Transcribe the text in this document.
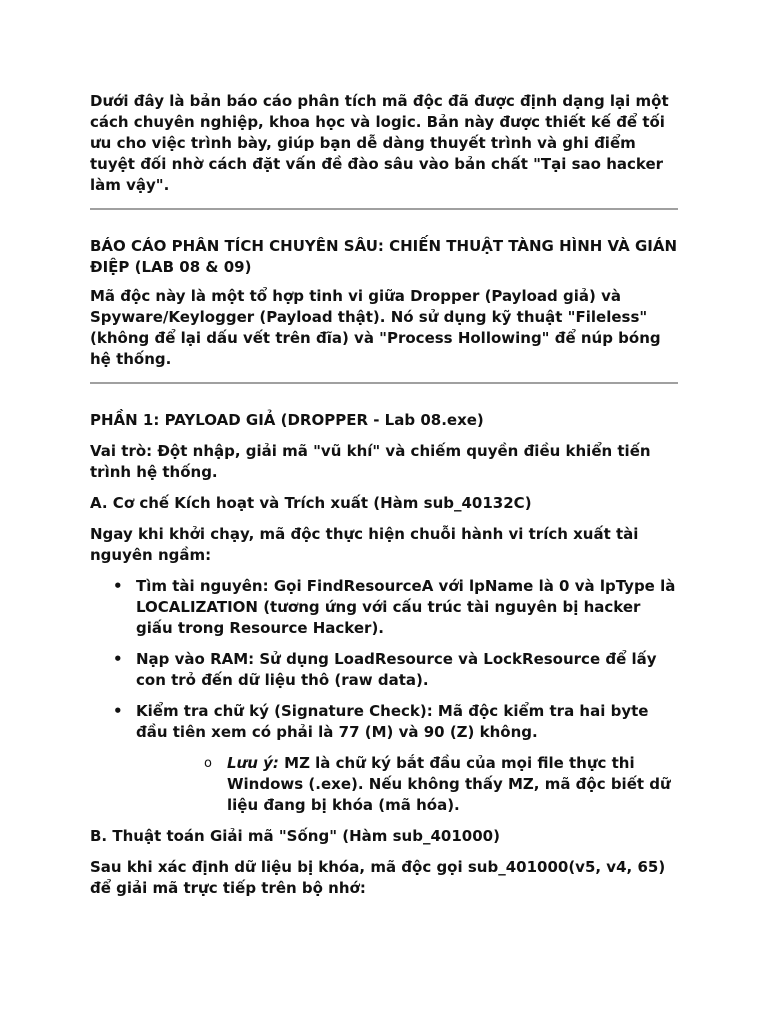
Dưới đây là bản báo cáo phân tích mã độc đã được định dạng lại một cách chuyên nghiệp, khoa học và logic. Bản này được thiết kế để tối ưu cho việc trình bày, giúp bạn dễ dàng thuyết trình và ghi điểm tuyệt đối nhờ cách đặt vấn đề đào sâu vào bản chất "Tại sao hacker làm vậy".

BÁO CÁO PHÂN TÍCH CHUYÊN SÂU: CHIẾN THUẬT TÀNG HÌNH VÀ GIÁN ĐIỆP (LAB 08 & 09)

Mã độc này là một tổ hợp tinh vi giữa Dropper (Payload giả) và Spyware/Keylogger (Payload thật). Nó sử dụng kỹ thuật "Fileless" (không để lại dấu vết trên đĩa) và "Process Hollowing" để núp bóng hệ thống.

PHẦN 1: PAYLOAD GIẢ (DROPPER - Lab 08.exe)

Vai trò: Đột nhập, giải mã "vũ khí" và chiếm quyền điều khiển tiến trình hệ thống.

A. Cơ chế Kích hoạt và Trích xuất (Hàm sub_40132C)

Ngay khi khởi chạy, mã độc thực hiện chuỗi hành vi trích xuất tài nguyên ngầm:

• Tìm tài nguyên: Gọi FindResourceA với lpName là 0 và lpType là LOCALIZATION (tương ứng với cấu trúc tài nguyên bị hacker giấu trong Resource Hacker).
• Nạp vào RAM: Sử dụng LoadResource và LockResource để lấy con trỏ đến dữ liệu thô (raw data).
• Kiểm tra chữ ký (Signature Check): Mã độc kiểm tra hai byte đầu tiên xem có phải là 77 (M) và 90 (Z) không.
o Lưu ý: MZ là chữ ký bắt đầu của mọi file thực thi Windows (.exe). Nếu không thấy MZ, mã độc biết dữ liệu đang bị khóa (mã hóa).

B. Thuật toán Giải mã "Sống" (Hàm sub_401000)

Sau khi xác định dữ liệu bị khóa, mã độc gọi sub_401000(v5, v4, 65) để giải mã trực tiếp trên bộ nhớ:
